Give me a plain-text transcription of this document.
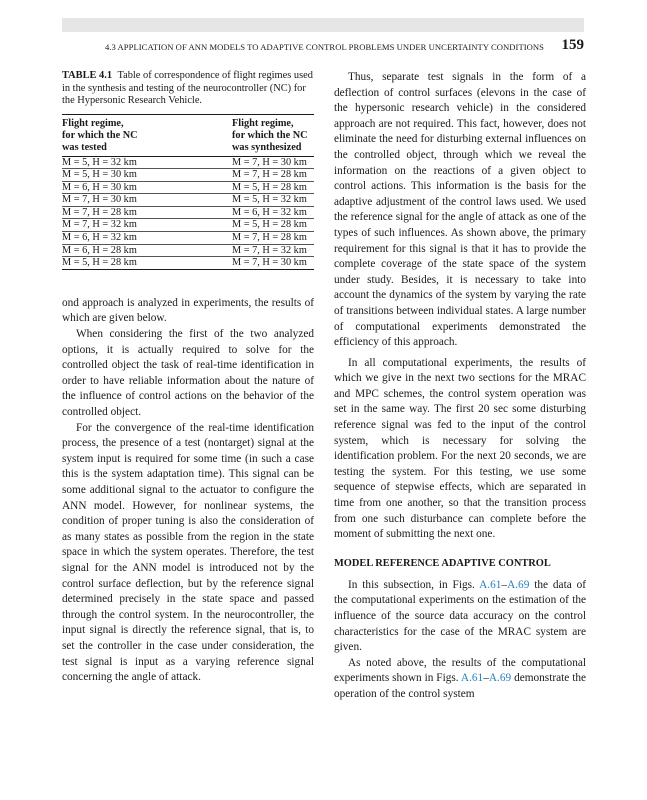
4.3 APPLICATION OF ANN MODELS TO ADAPTIVE CONTROL PROBLEMS UNDER UNCERTAINTY CONDITIONS 159

TABLE 4.1 Table of correspondence of flight regimes used in the synthesis and testing of the neurocontroller (NC) for the Hypersonic Research Vehicle.

Flight regime,
for which the NC
was tested	Flight regime,
for which the NC
was synthesized
M = 5, H = 32 km	M = 7, H = 30 km
M = 5, H = 30 km	M = 7, H = 28 km
M = 6, H = 30 km	M = 5, H = 28 km
M = 7, H = 30 km	M = 5, H = 32 km
M = 7, H = 28 km	M = 6, H = 32 km
M = 7, H = 32 km	M = 5, H = 28 km
M = 6, H = 32 km	M = 7, H = 28 km
M = 6, H = 28 km	M = 7, H = 32 km
M = 5, H = 28 km	M = 7, H = 30 km

ond approach is analyzed in experiments, the results of which are given below.

When considering the first of the two analyzed options, it is actually required to solve for the controlled object the task of real-time identification in order to have reliable information about the nature of the influence of control actions on the behavior of the controlled object.

For the convergence of the real-time identification process, the presence of a test (nontarget) signal at the system input is required for some time (in such a case this is the system adaptation time). This signal can be some additional signal to the actuator to configure the ANN model. However, for nonlinear systems, the condition of proper tuning is also the consideration of as many states as possible from the region in the state space in which the system operates. Therefore, the test signal for the ANN model is introduced not by the control surface deflection, but by the reference signal determined precisely in the state space and passed through the control system. In the neurocontroller, the input signal is directly the reference signal, that is, to set the controller in the case under consideration, the test signal is input as a varying reference signal concerning the angle of attack.

Thus, separate test signals in the form of a deflection of control surfaces (elevons in the case of the hypersonic research vehicle) in the considered approach are not required. This fact, however, does not eliminate the need for disturbing external influences on the controlled object, through which we reveal the information on the reactions of a given object to control actions. This information is the basis for the adaptive adjustment of the control laws used. We used the reference signal for the angle of attack as one of the types of such influences. As shown above, the primary requirement for this signal is that it has to provide the complete coverage of the state space of the system under study. Besides, it is necessary to take into account the dynamics of the system by varying the rate of transitions between individual states. A large number of computational experiments demonstrated the efficiency of this approach.

In all computational experiments, the results of which we give in the next two sections for the MRAC and MPC schemes, the control system operation was set in the same way. The first 20 sec some disturbing reference signal was fed to the input of the control system, which is necessary for solving the identification problem. For the next 20 seconds, we are testing the system. For this testing, we use some sequence of stepwise effects, which are separated in time from one another, so that the transition process from one such disturbance can complete before the moment of submitting the next one.

MODEL REFERENCE ADAPTIVE CONTROL

In this subsection, in Figs. A.61–A.69 the data of the computational experiments on the estimation of the influence of the source data accuracy on the control characteristics for the case of the MRAC system are given.

As noted above, the results of the computational experiments shown in Figs. A.61–A.69 demonstrate the operation of the control system
